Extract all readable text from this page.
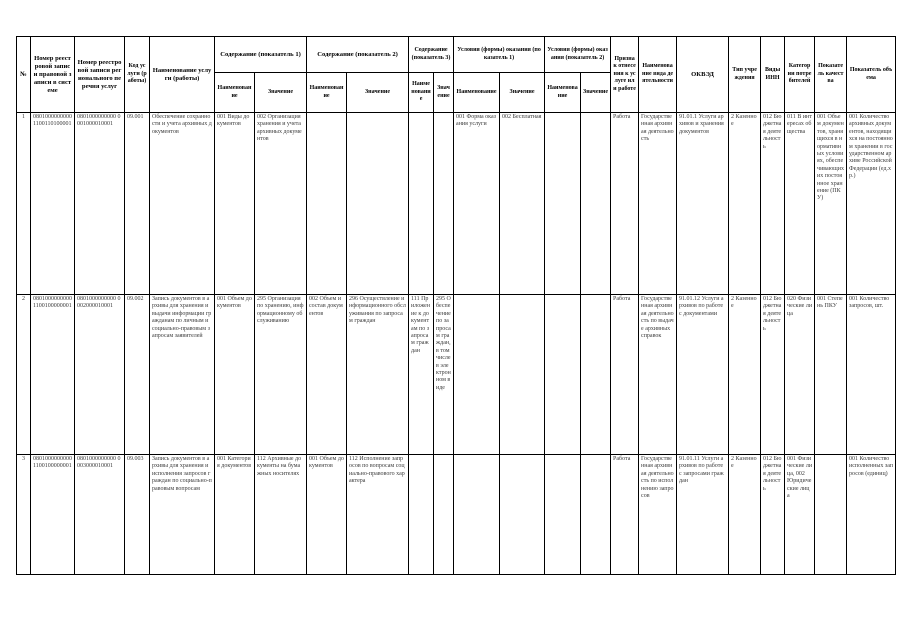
№	Номер реестровой записи правовой записи в системе	Номер реестровой записи регионального перечня услуг	Код услуги (работы)	Наименование услуги (работы)	Содержание (показатель 1)		Содержание (показатель 2)		Содержание (показатель 3)		Условия (формы) оказания (показатель 1)		Условия (формы) оказания (показатель 2)		Признак отнесения к услуге или работе	Наименование вида деятельности	ОКВЭД	Тип учреждения	Виды ИНН	Категории потребителей	Показатель качества	Показатель объема
					Наименование	Значение	Наименование	Значение	Наименование	Значение	Наименование	Значение	Наименование	Значение								
1	0801000000000 1100110100001	0801000000000 0001000010001	09.001	Обеспечение сохранности и учета архивных документов	001 Виды документов	002 Организация хранения и учета архивных документов					001 Форма оказания услуги	002 Бесплатная			Работа	Государственная архивная деятельность	91.01.1 Услуги архивов и хранения документов	2 Казенное	012 Бюджетная деятельность	011 В интересах общества	001 Объем документов, хранящихся в нормативных условиях, обеспечивающих их постоянное хранение (ПКУ)	001 Количество архивных документов, находящихся на постоянном хранении в государственном архиве Российской Федерации (ед.хр.)
2	0801000000000 1100100000001	0801000000000 0002000010001	09.002	Запись документов в архивы для хранения и выдачи информации гражданам по личным и социально-правовым запросам заявителей	001 Объем документов	295 Организация по хранению, информационному обслуживанию	002 Объем и состав документов	296 Осуществление информационного обслуживания по запросам граждан	111 Приложение к документам по запросам граждан	295 Обеспечение по запросам граждан, в том числе в электронном виде					Работа	Государственная архивная деятельность по выдаче архивных справок	91.01.12 Услуги архивов по работе с документами	2 Казенное	012 Бюджетная деятельность	020 Физические лица	001 Степень ПКУ	001 Количество запросов, шт.
3	0801000000000 1100100000001	0801000000000 0003000010001	09.003	Запись документов в архивы для хранения и исполнения запросов граждан по социально-правовым вопросам	001 Категория документов	112 Архивные документы на бумажных носителях	001 Объем документов	112 Исполнение запросов по вопросам социально-правового характера							Работа	Государственная архивная деятельность по исполнению запросов	91.01.11 Услуги архивов по работе с запросами граждан	2 Казенное	012 Бюджетная деятельность	001 Физические лица, 002 Юридические лица		001 Количество исполненных запросов (единиц)
